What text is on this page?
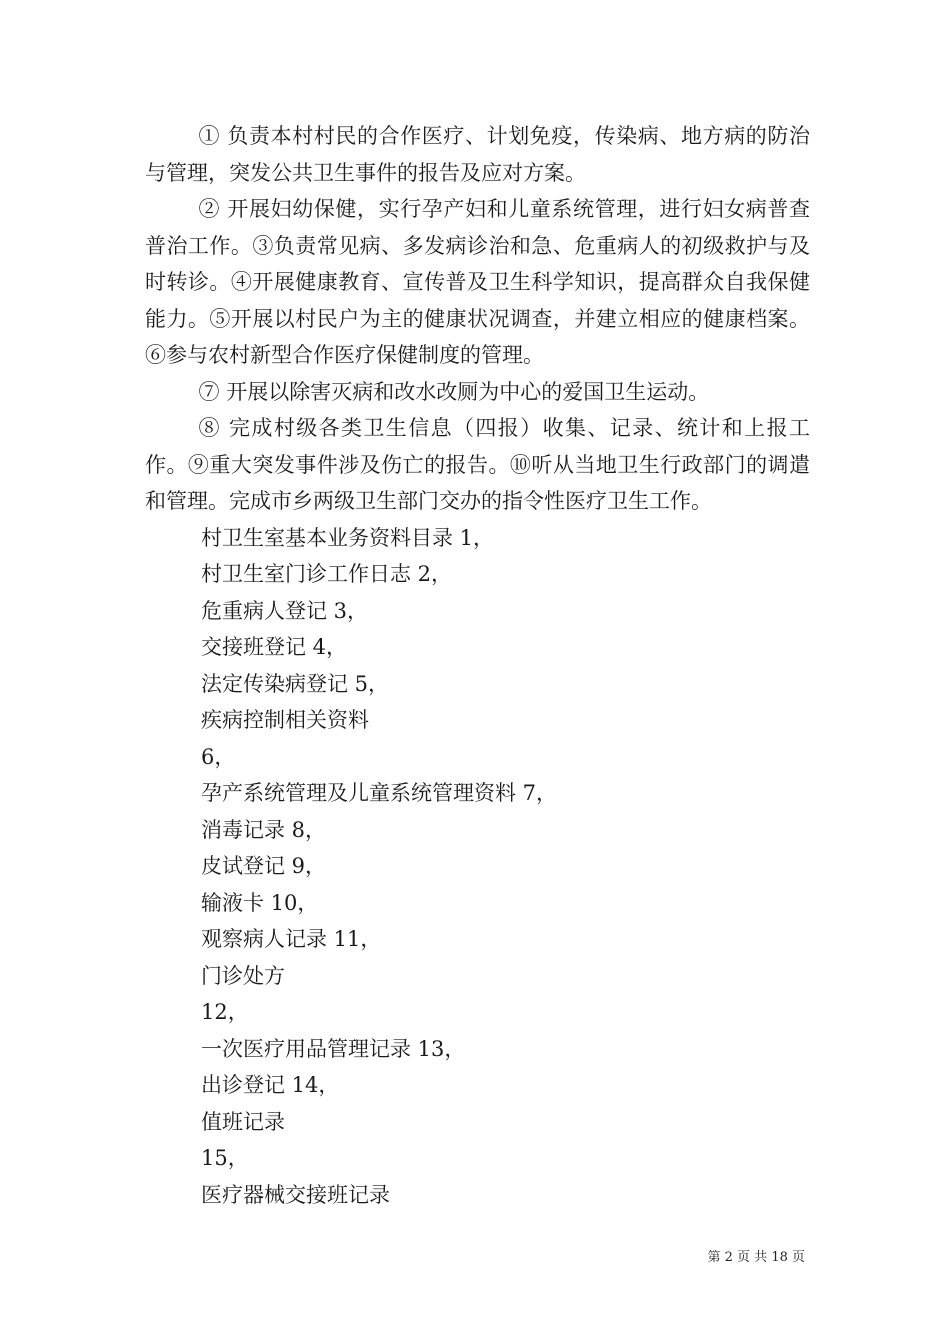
① 负责本村村民的合作医疗、计划免疫，传染病、地方病的防治与管理，突发公共卫生事件的报告及应对方案。

② 开展妇幼保健，实行孕产妇和儿童系统管理，进行妇女病普查普治工作。③负责常见病、多发病诊治和急、危重病人的初级救护与及时转诊。④开展健康教育、宣传普及卫生科学知识，提高群众自我保健能力。⑤开展以村民户为主的健康状况调查，并建立相应的健康档案。⑥参与农村新型合作医疗保健制度的管理。

⑦ 开展以除害灭病和改水改厕为中心的爱国卫生运动。

⑧ 完成村级各类卫生信息（四报）收集、记录、统计和上报工作。⑨重大突发事件涉及伤亡的报告。⑩听从当地卫生行政部门的调遣和管理。完成市乡两级卫生部门交办的指令性医疗卫生工作。

村卫生室基本业务资料目录 1，
村卫生室门诊工作日志 2，
危重病人登记 3，
交接班登记 4，
法定传染病登记 5，
疾病控制相关资料
6，
孕产系统管理及儿童系统管理资料 7，
消毒记录 8，
皮试登记 9，
输液卡 10，
观察病人记录 11，
门诊处方
12，
一次医疗用品管理记录 13，
出诊登记 14，
值班记录
15，
医疗器械交接班记录
第 2 页 共 18 页
